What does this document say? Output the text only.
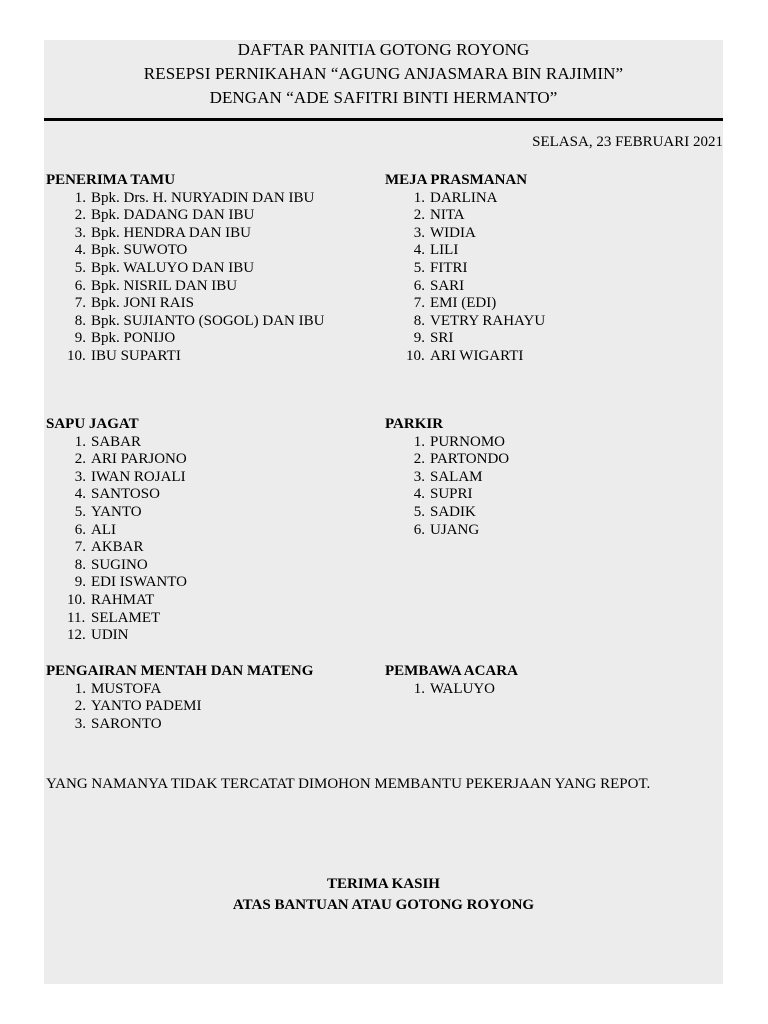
DAFTAR PANITIA GOTONG ROYONG
RESEPSI PERNIKAHAN “AGUNG ANJASMARA BIN RAJIMIN”
DENGAN “ADE SAFITRI BINTI HERMANTO”
SELASA, 23 FEBRUARI 2021
PENERIMA TAMU
1. Bpk. Drs. H. NURYADIN DAN IBU
2. Bpk. DADANG DAN IBU
3. Bpk. HENDRA DAN IBU
4. Bpk. SUWOTO
5. Bpk. WALUYO DAN IBU
6. Bpk. NISRIL DAN IBU
7. Bpk. JONI RAIS
8. Bpk. SUJIANTO (SOGOL) DAN IBU
9. Bpk. PONIJO
10. IBU SUPARTI
MEJA PRASMANAN
1. DARLINA
2. NITA
3. WIDIA
4. LILI
5. FITRI
6. SARI
7. EMI (EDI)
8. VETRY RAHAYU
9. SRI
10. ARI WIGARTI
SAPU JAGAT
1. SABAR
2. ARI PARJONO
3. IWAN ROJALI
4. SANTOSO
5. YANTO
6. ALI
7. AKBAR
8. SUGINO
9. EDI ISWANTO
10. RAHMAT
11. SELAMET
12. UDIN
PARKIR
1. PURNOMO
2. PARTONDO
3. SALAM
4. SUPRI
5. SADIK
6. UJANG
PENGAIRAN MENTAH DAN MATENG
1. MUSTOFA
2. YANTO PADEMI
3. SARONTO
PEMBAWA ACARA
1. WALUYO
YANG NAMANYA TIDAK TERCATAT DIMOHON MEMBANTU PEKERJAAN YANG REPOT.
TERIMA KASIH
ATAS BANTUAN ATAU GOTONG ROYONG
